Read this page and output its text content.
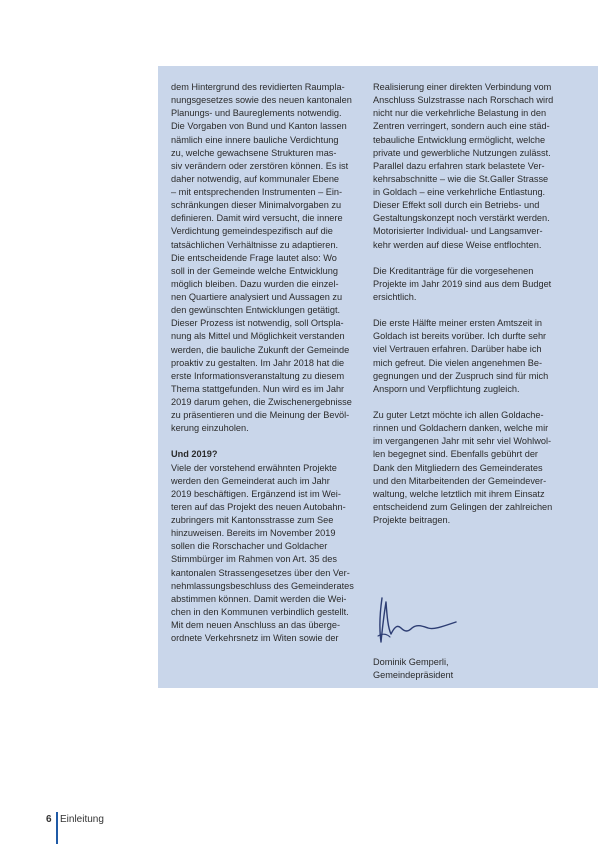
dem Hintergrund des revidierten Raumpla-
nungsgesetzes sowie des neuen kantonalen
Planungs- und Baureglements notwendig.
Die Vorgaben von Bund und Kanton lassen
nämlich eine innere bauliche Verdichtung
zu, welche gewachsene Strukturen mas-
siv verändern oder zerstören können. Es ist
daher notwendig, auf kommunaler Ebene
– mit entsprechenden Instrumenten – Ein-
schränkungen dieser Minimalvorgaben zu
definieren. Damit wird versucht, die innere
Verdichtung gemeindespezifisch auf die
tatsächlichen Verhältnisse zu adaptieren.
Die entscheidende Frage lautet also: Wo
soll in der Gemeinde welche Entwicklung
möglich bleiben. Dazu wurden die einzel-
nen Quartiere analysiert und Aussagen zu
den gewünschten Entwicklungen getätigt.
Dieser Prozess ist notwendig, soll Ortspla-
nung als Mittel und Möglichkeit verstanden
werden, die bauliche Zukunft der Gemeinde
proaktiv zu gestalten. Im Jahr 2018 hat die
erste Informationsveranstaltung zu diesem
Thema stattgefunden. Nun wird es im Jahr
2019 darum gehen, die Zwischenergebnisse
zu präsentieren und die Meinung der Bevöl-
kerung einzuholen.

Und 2019?

Viele der vorstehend erwähnten Projekte
werden den Gemeinderat auch im Jahr
2019 beschäftigen. Ergänzend ist im Wei-
teren auf das Projekt des neuen Autobahn-
zubringers mit Kantonsstrasse zum See
hinzuweisen. Bereits im November 2019
sollen die Rorschacher und Goldacher
Stimmbürger im Rahmen von Art. 35 des
kantonalen Strassengesetzes über den Ver-
nehmlassungsbeschluss des Gemeinderates
abstimmen können. Damit werden die Wei-
chen in den Kommunen verbindlich gestellt.
Mit dem neuen Anschluss an das überge-
ordnete Verkehrsnetz im Witen sowie der

Realisierung einer direkten Verbindung vom
Anschluss Sulzstrasse nach Rorschach wird
nicht nur die verkehrliche Belastung in den
Zentren verringert, sondern auch eine städ-
tebauliche Entwicklung ermöglicht, welche
private und gewerbliche Nutzungen zulässt.
Parallel dazu erfahren stark belastete Ver-
kehrsabschnitte – wie die St.Galler Strasse
in Goldach – eine verkehrliche Entlastung.
Dieser Effekt soll durch ein Betriebs- und
Gestaltungskonzept noch verstärkt werden.
Motorisierter Individual- und Langsamver-
kehr werden auf diese Weise entflochten.

Die Kreditanträge für die vorgesehenen
Projekte im Jahr 2019 sind aus dem Budget
ersichtlich.

Die erste Hälfte meiner ersten Amtszeit in
Goldach ist bereits vorüber. Ich durfte sehr
viel Vertrauen erfahren. Darüber habe ich
mich gefreut. Die vielen angenehmen Be-
gegnungen und der Zuspruch sind für mich
Ansporn und Verpflichtung zugleich.

Zu guter Letzt möchte ich allen Goldache-
rinnen und Goldachern danken, welche mir
im vergangenen Jahr mit sehr viel Wohlwol-
len begegnet sind. Ebenfalls gebührt der
Dank den Mitgliedern des Gemeinderates
und den Mitarbeitenden der Gemeindever-
waltung, welche letztlich mit ihrem Einsatz
entscheidend zum Gelingen der zahlreichen
Projekte beitragen.

Dominik Gemperli,
Gemeindepräsident
6 Einleitung
